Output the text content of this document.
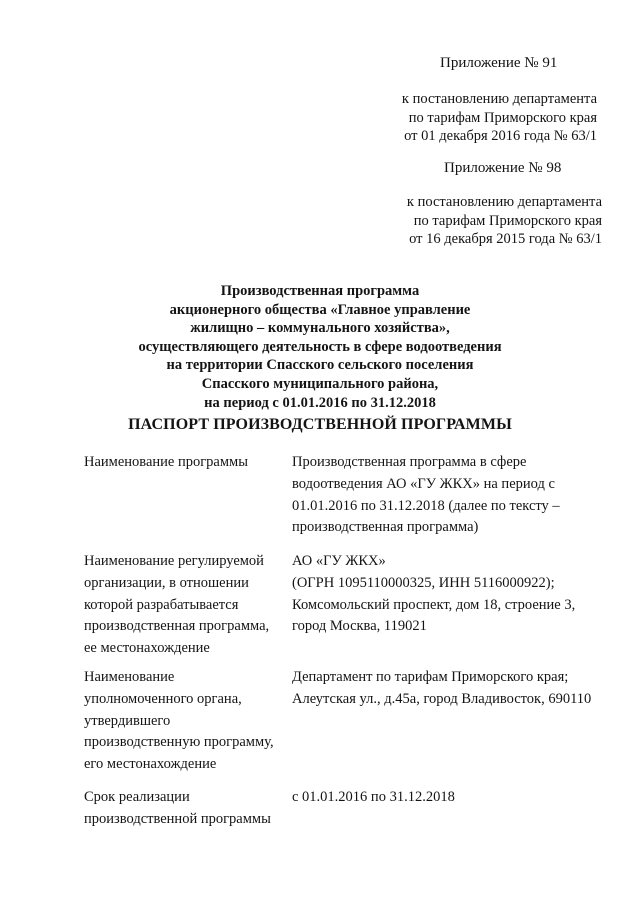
Приложение № 91
к постановлению департамента
по тарифам Приморского края
от 01 декабря 2016 года № 63/1
Приложение № 98
к постановлению департамента
по тарифам Приморского края
от 16 декабря 2015 года № 63/1
Производственная программа
акционерного общества «Главное управление
жилищно – коммунального хозяйства»,
осуществляющего деятельность в сфере водоотведения
на территории Спасского сельского поселения
Спасского муниципального района,
на период с 01.01.2016 по 31.12.2018
ПАСПОРТ ПРОИЗВОДСТВЕННОЙ ПРОГРАММЫ
Наименование программы	Производственная программа в сфере
водоотведения АО «ГУ ЖКХ» на период с
01.01.2016 по 31.12.2018 (далее по тексту –
производственная программа)
Наименование регулируемой
организации, в отношении
которой разрабатывается
производственная программа,
ее местонахождение
АО «ГУ ЖКХ»
(ОГРН 1095110000325, ИНН 5116000922);
Комсомольский проспект, дом 18, строение 3,
город Москва, 119021
Наименование
уполномоченного органа,
утвердившего
производственную программу,
его местонахождение
Департамент по тарифам Приморского края;
Алеутская ул., д.45а, город Владивосток, 690110
Срок реализации
производственной программы
с 01.01.2016 по 31.12.2018
